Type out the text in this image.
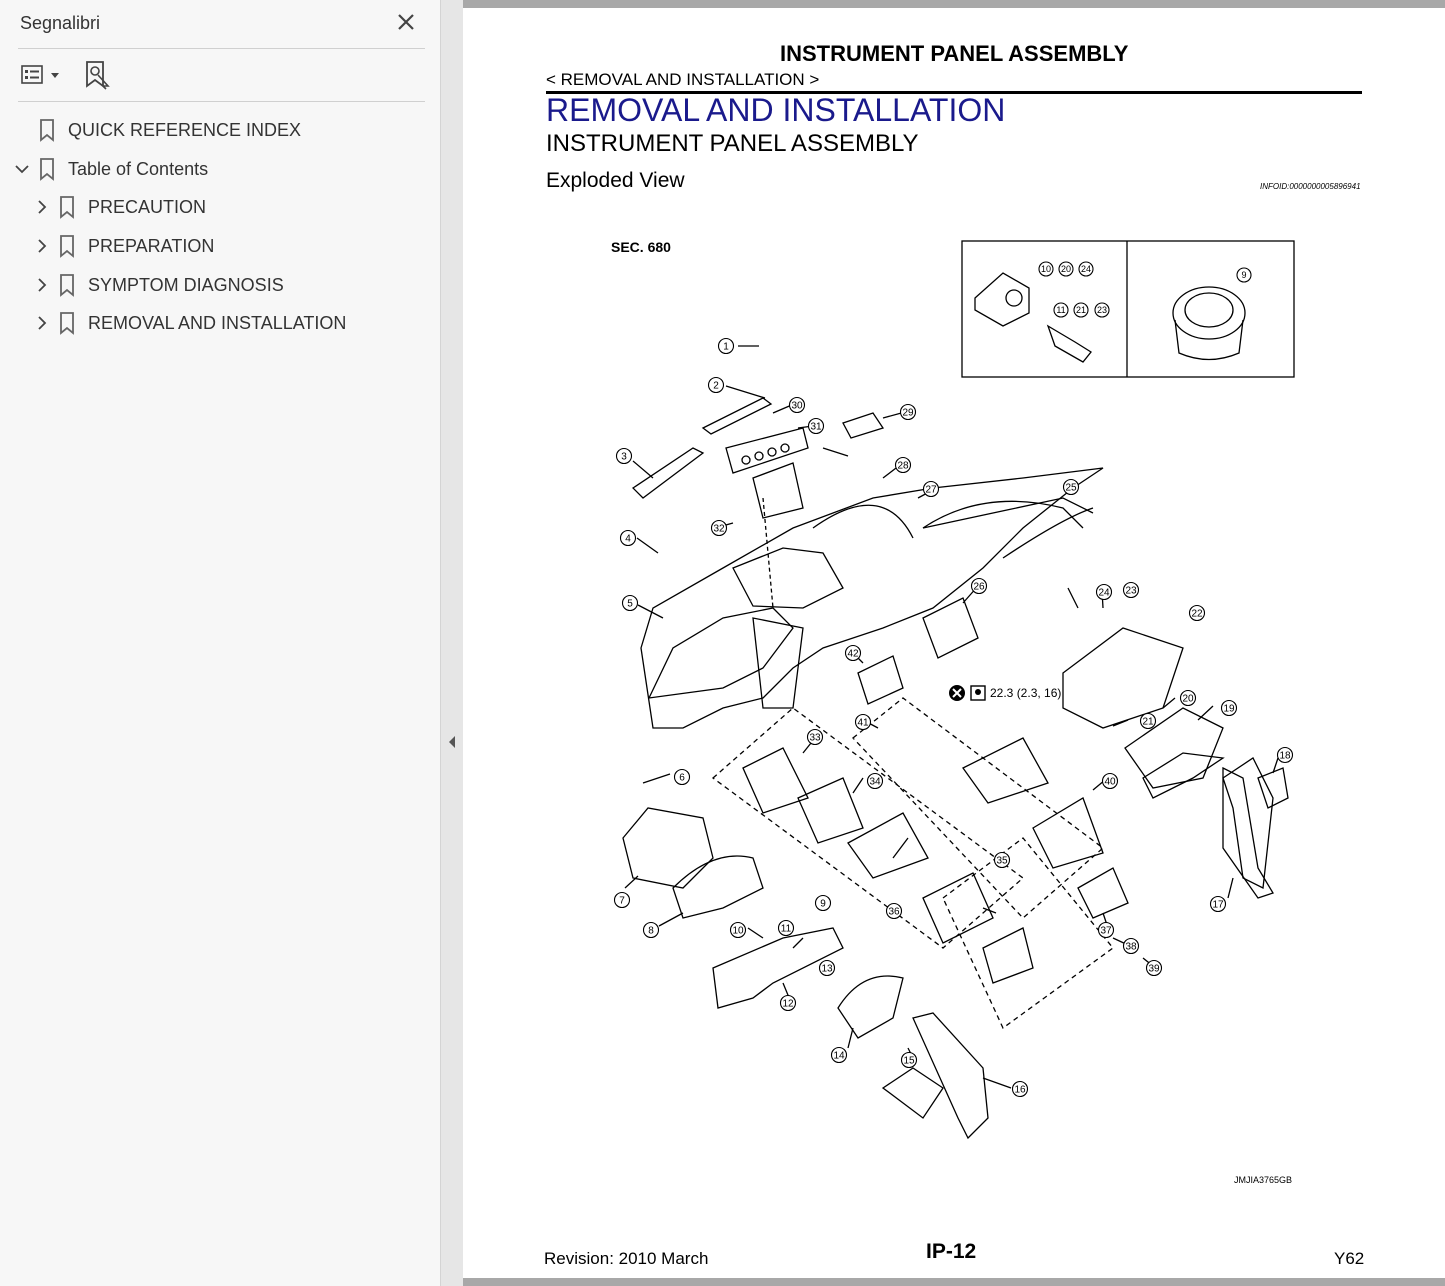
Segnalibri
QUICK REFERENCE INDEX
Table of Contents
PRECAUTION
PREPARATION
SYMPTOM DIAGNOSIS
REMOVAL AND INSTALLATION
INSTRUMENT PANEL ASSEMBLY
< REMOVAL AND INSTALLATION >
REMOVAL AND INSTALLATION
INSTRUMENT PANEL ASSEMBLY
Exploded View	INFOID:0000000005896941
SEC. 680
1
2
3
4
5
6
7
8
9
10	11
12
13
14	15
16
17
18
19
20
21
22
23
24
25
26
27
28
29
30
31
32
33
34
35
36
37
38
39
40
41
42
10 20 24
11 21 23
9
22.3 (2.3, 16)
JMJIA3765GB
Revision: 2010 March	IP-12	Y62
